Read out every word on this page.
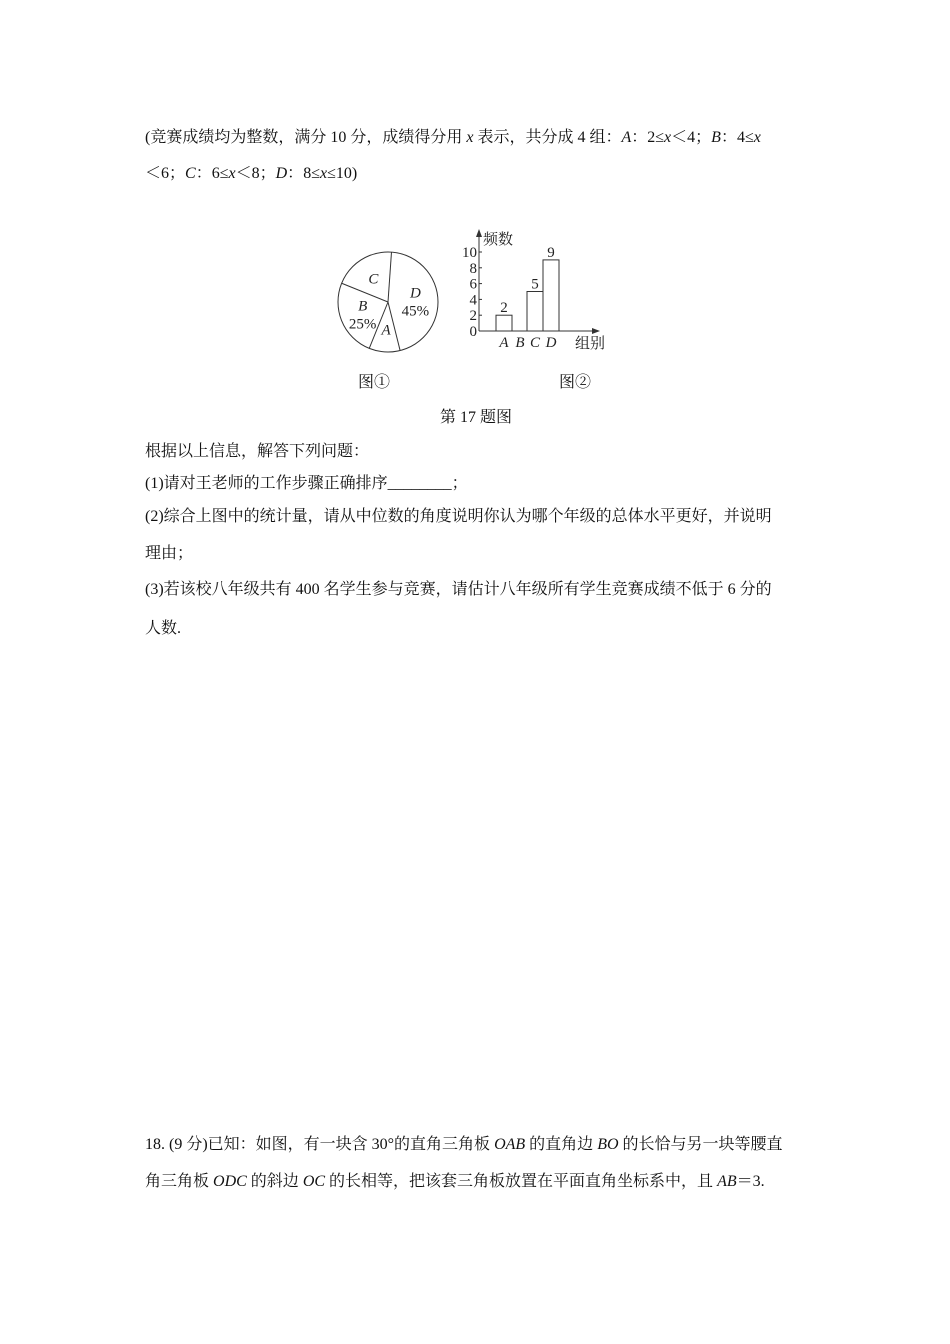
(竞赛成绩均为整数，满分 10 分，成绩得分用 x 表示，共分成 4 组：A：2≤x＜4；B：4≤x
＜6；C：6≤x＜8；D：8≤x≤10)
D
45%
A
B
25%
C
频数
组别
0
2
4
6
8
10
A
2
B C
5
D
9
图①	图②
第 17 题图
根据以上信息，解答下列问题：
(1)请对王老师的工作步骤正确排序________；
(2)综合上图中的统计量，请从中位数的角度说明你认为哪个年级的总体水平更好，并说明
理由；
(3)若该校八年级共有 400 名学生参与竞赛，请估计八年级所有学生竞赛成绩不低于 6 分的
人数.
18. (9 分)已知：如图，有一块含 30°的直角三角板 OAB 的直角边 BO 的长恰与另一块等腰直
角三角板 ODC 的斜边 OC 的长相等，把该套三角板放置在平面直角坐标系中，且 AB＝3.
